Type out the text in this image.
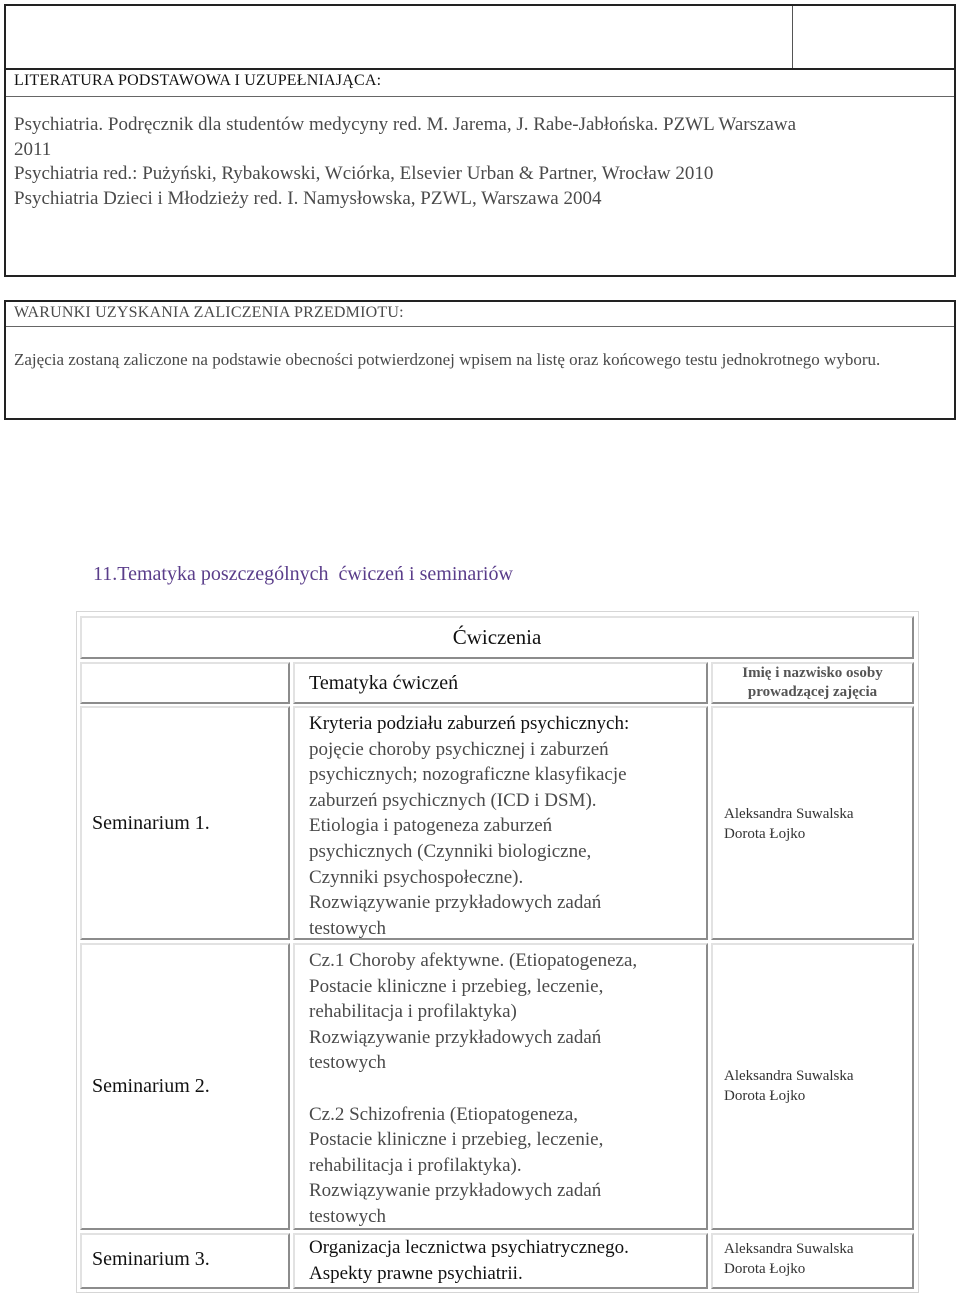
LITERATURA PODSTAWOWA I UZUPEŁNIAJĄCA:
Psychiatria. Podręcznik dla studentów medycyny red. M. Jarema, J. Rabe-Jabłońska. PZWL Warszawa
2011
Psychiatria red.: Pużyński, Rybakowski, Wciórka, Elsevier Urban & Partner, Wrocław 2010
Psychiatria Dzieci i Młodzieży red. I. Namysłowska, PZWL, Warszawa 2004
WARUNKI UZYSKANIA ZALICZENIA PRZEDMIOTU:
Zajęcia zostaną zaliczone na podstawie obecności potwierdzonej wpisem na listę oraz końcowego testu jednokrotnego wyboru.
11.Tematyka poszczególnych  ćwiczeń i seminariów
Ćwiczenia
Tematyka ćwiczeń	Imię i nazwisko osoby
prowadzącej zajęcia
Seminarium 1.
Kryteria podziału zaburzeń psychicznych:
pojęcie choroby psychicznej i zaburzeń
psychicznych; nozograficzne klasyfikacje
zaburzeń psychicznych (ICD i DSM).
Etiologia i patogeneza zaburzeń
psychicznych (Czynniki biologiczne,
Czynniki psychospołeczne).
Rozwiązywanie przykładowych zadań
testowych
Aleksandra Suwalska
Dorota Łojko
Seminarium 2.
Cz.1 Choroby afektywne. (Etiopatogeneza,
Postacie kliniczne i przebieg, leczenie,
rehabilitacja i profilaktyka)
Rozwiązywanie przykładowych zadań
testowych
Cz.2 Schizofrenia (Etiopatogeneza,
Postacie kliniczne i przebieg, leczenie,
rehabilitacja i profilaktyka).
Rozwiązywanie przykładowych zadań
testowych
Aleksandra Suwalska
Dorota Łojko
Seminarium 3.
Organizacja lecznictwa psychiatrycznego.
Aspekty prawne psychiatrii.
Aleksandra Suwalska
Dorota Łojko
